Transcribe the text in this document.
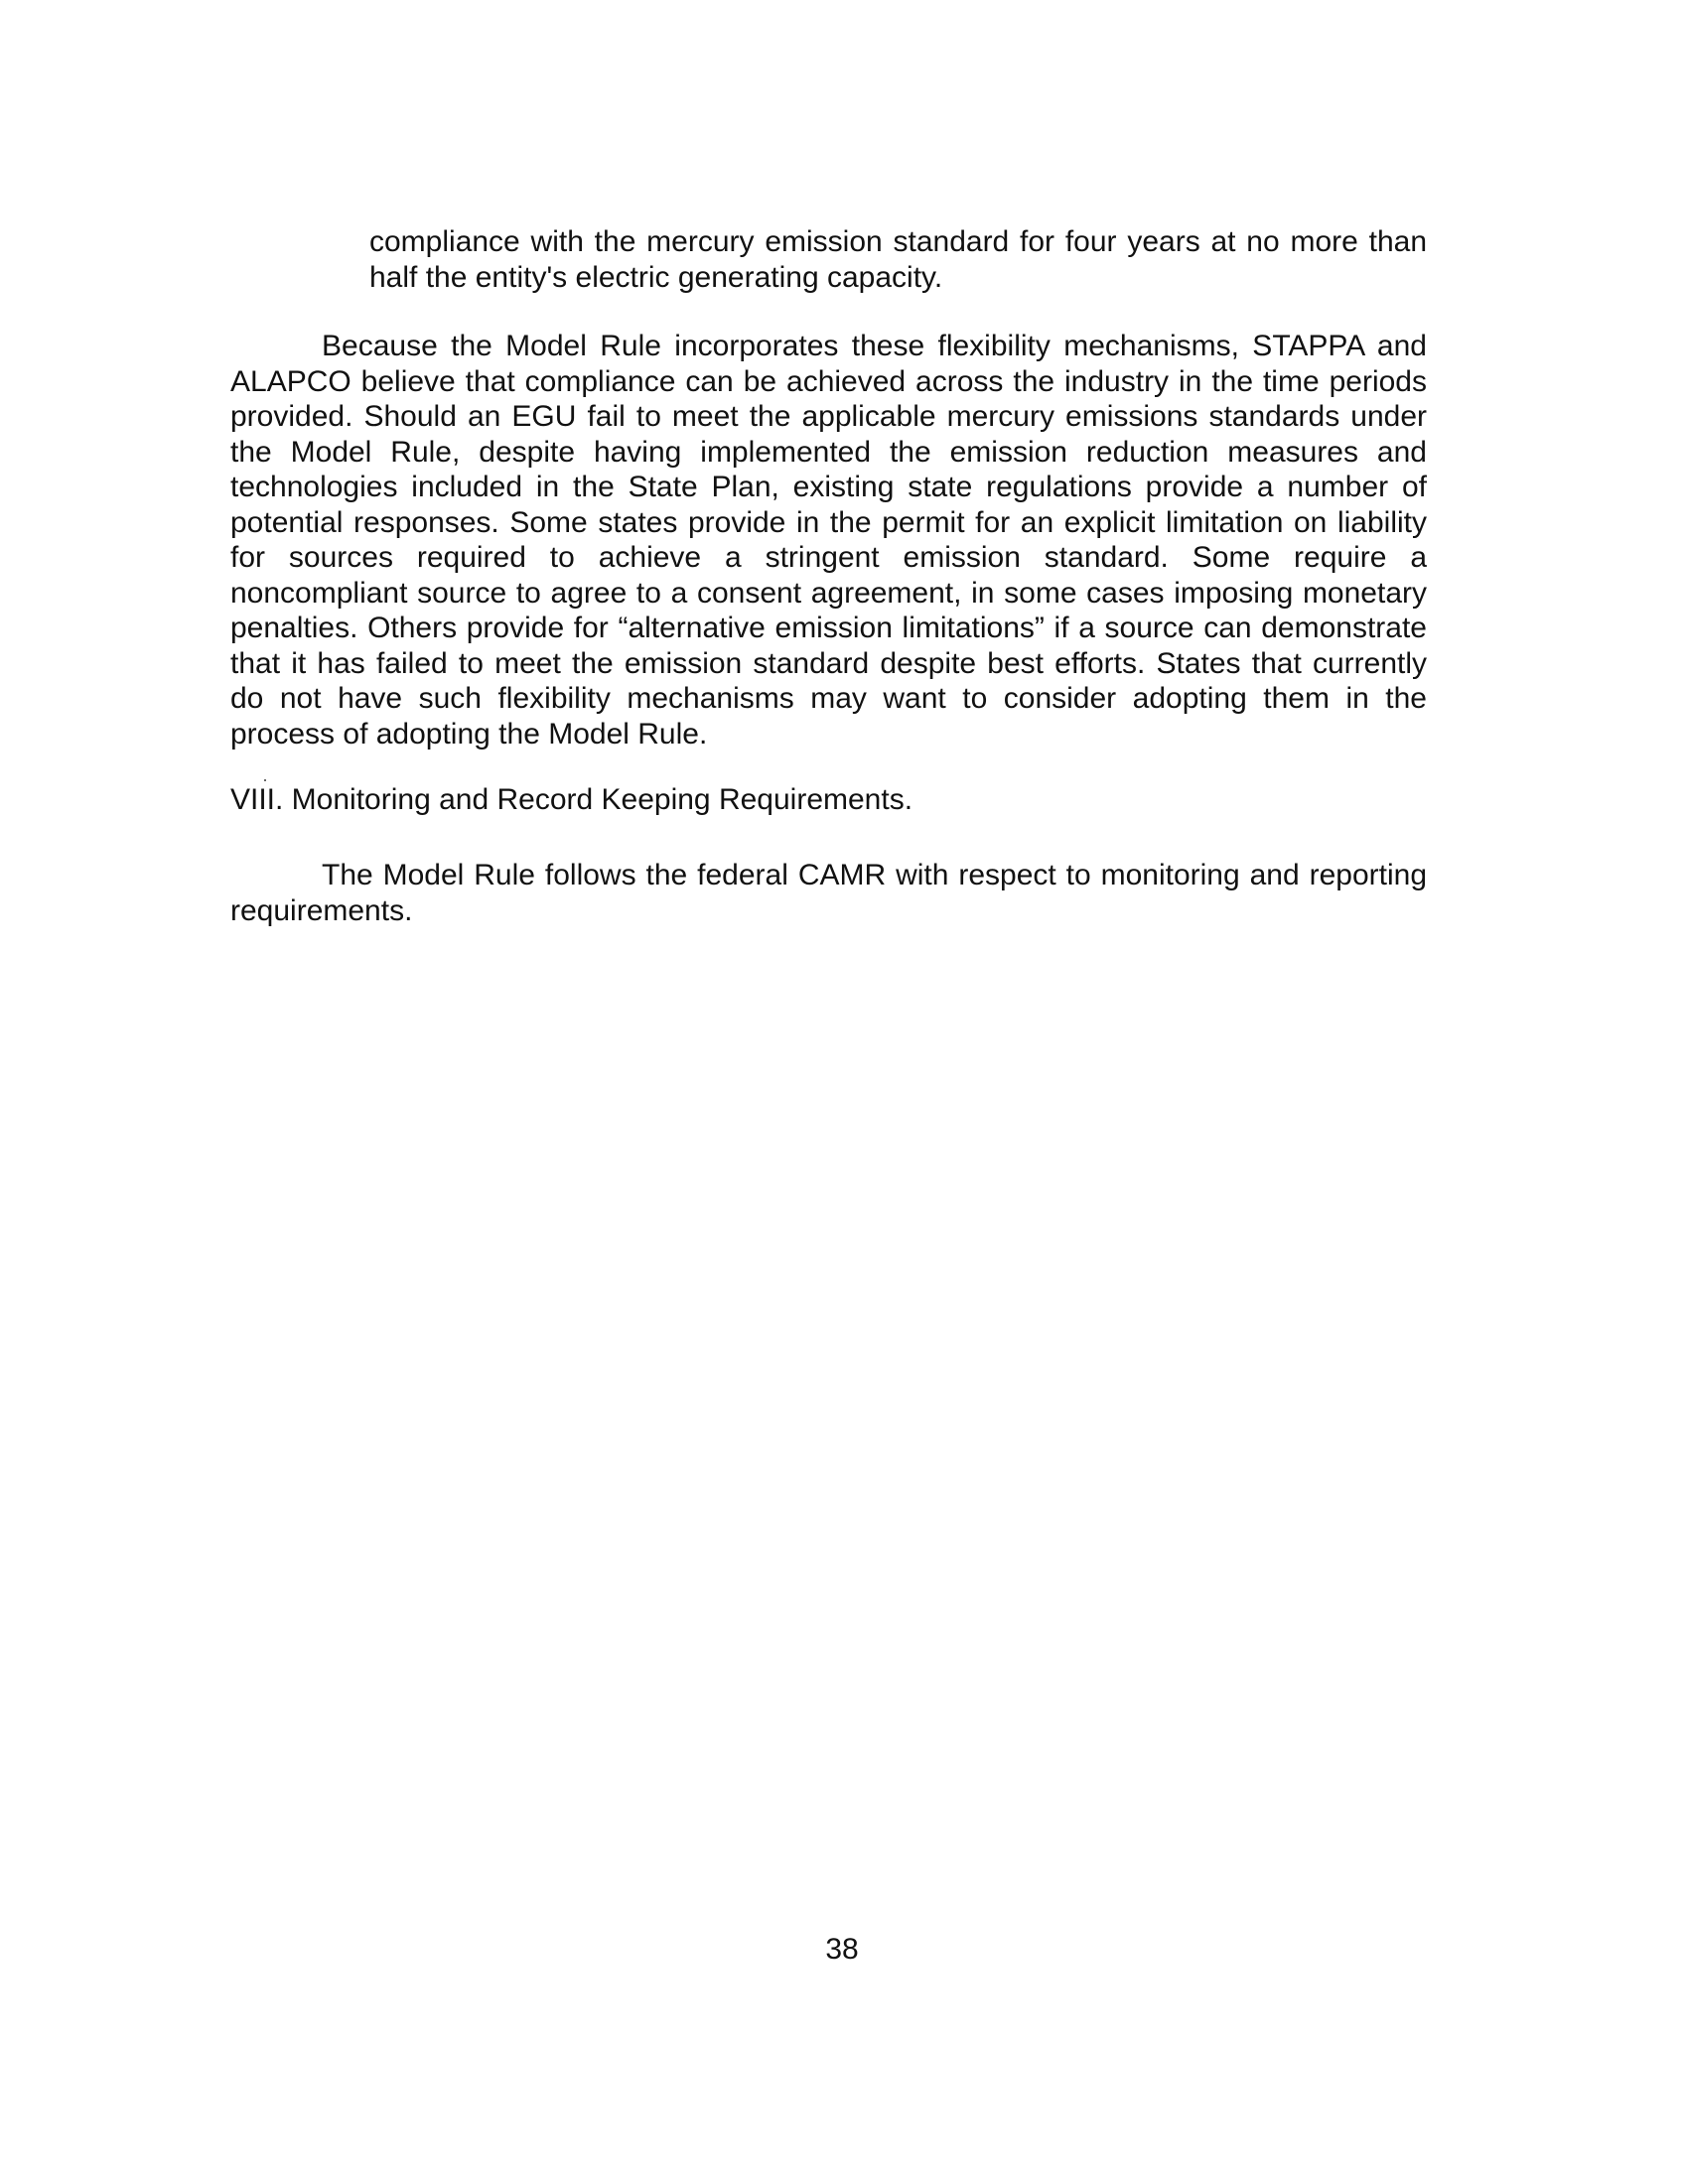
compliance with the mercury emission standard for four years at no more than half the entity's electric generating capacity.

Because the Model Rule incorporates these flexibility mechanisms, STAPPA and ALAPCO believe that compliance can be achieved across the industry in the time periods provided. Should an EGU fail to meet the applicable mercury emissions standards under the Model Rule, despite having implemented the emission reduction measures and technologies included in the State Plan, existing state regulations provide a number of potential responses. Some states provide in the permit for an explicit limitation on liability for sources required to achieve a stringent emission standard. Some require a noncompliant source to agree to a consent agreement, in some cases imposing monetary penalties. Others provide for “alternative emission limitations” if a source can demonstrate that it has failed to meet the emission standard despite best efforts. States that currently do not have such flexibility mechanisms may want to consider adopting them in the process of adopting the Model Rule.

VIII. Monitoring and Record Keeping Requirements.

The Model Rule follows the federal CAMR with respect to monitoring and reporting requirements.

38
